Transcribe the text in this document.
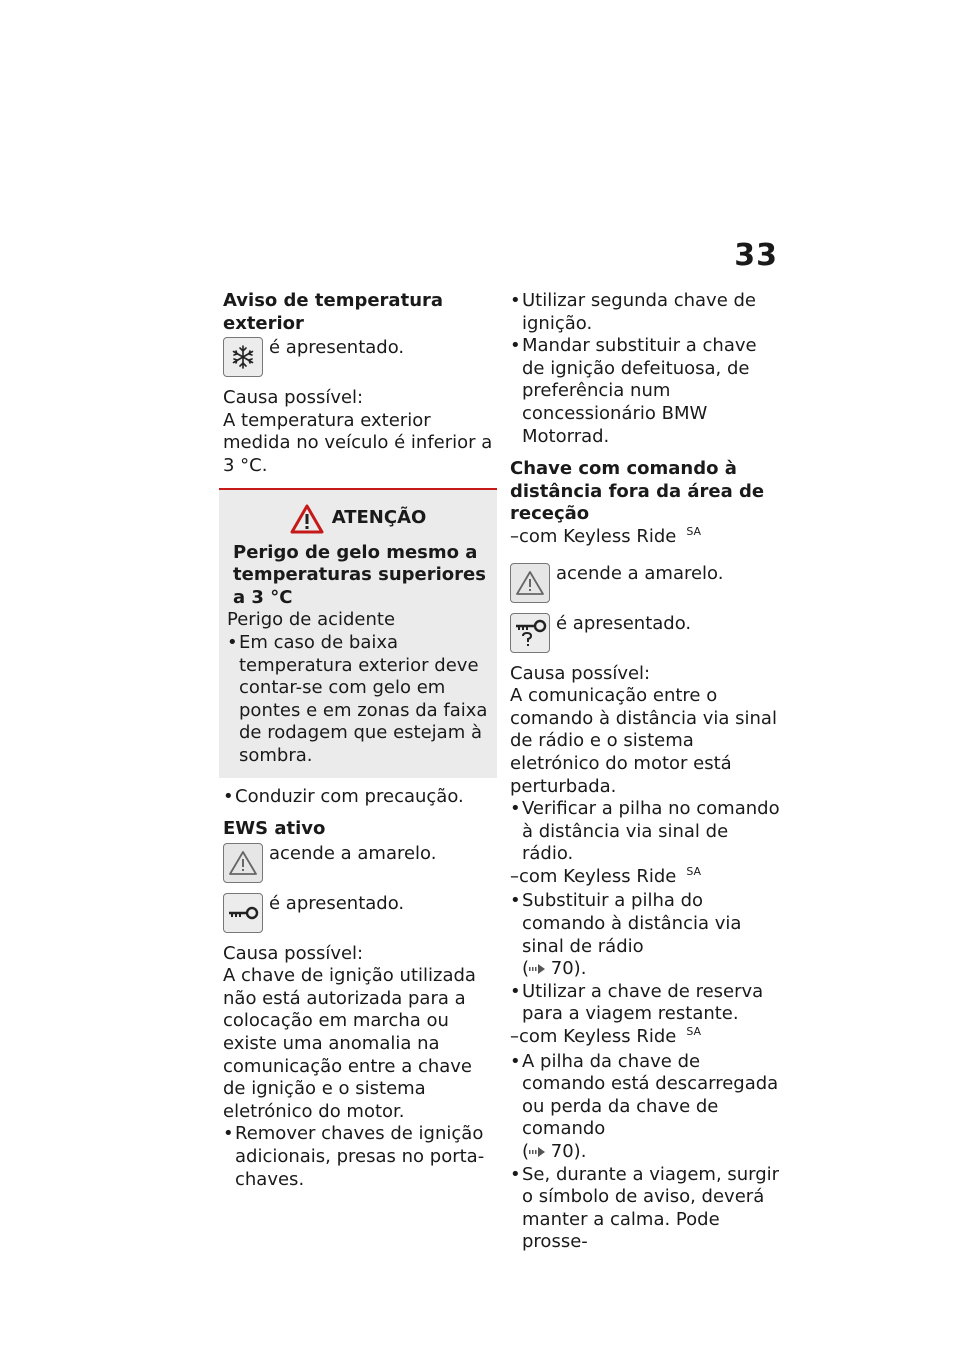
33

Aviso de temperatura exterior

é apresentado.

Causa possível:

A temperatura exterior medida no veículo é inferior a 3 °C.

ATENÇÃO

Perigo de gelo mesmo a temperaturas superiores a 3 °C

Perigo de acidente

• Em caso de baixa temperatura exterior deve contar-se com gelo em pontes e em zonas da faixa de rodagem que estejam à sombra.
• Conduzir com precaução.

EWS ativo

acende a amarelo.
é apresentado.

Causa possível:

A chave de ignição utilizada não está autorizada para a colocação em marcha ou existe uma anomalia na comunicação entre a chave de ignição e o sistema eletrónico do motor.

• Remover chaves de ignição adicionais, presas no porta-chaves.
• Utilizar segunda chave de ignição.
• Mandar substituir a chave de ignição defeituosa, de preferência num concessionário BMW Motorrad.

Chave com comando à distância fora da área de receção

–com Keyless Ride $^{SA}$

acende a amarelo.
é apresentado.

Causa possível:

A comunicação entre o comando à distância via sinal de rádio e o sistema eletrónico do motor está perturbada.

• Verificar a pilha no comando à distância via sinal de rádio.

–com Keyless Ride $^{SA}$

• Substituir a pilha do comando à distância via sinal de rádio
( 70).
• Utilizar a chave de reserva para a viagem restante.

–com Keyless Ride $^{SA}$

• A pilha da chave de comando está descarregada ou perda da chave de comando
( 70).
• Se, durante a viagem, surgir o símbolo de aviso, deverá manter a calma. Pode prosse-
